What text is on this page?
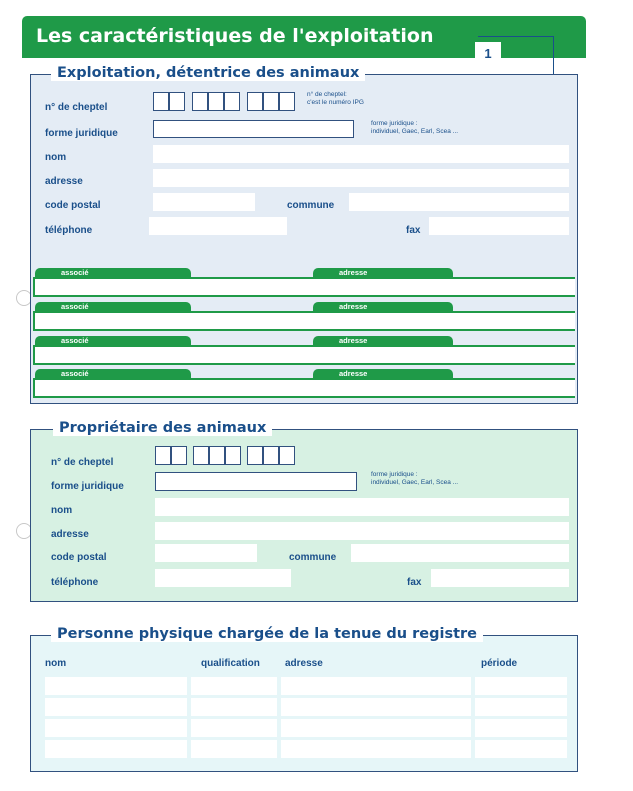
Les caractéristiques de l'exploitation
1
Exploitation, détentrice des animaux
n° de cheptel
n° de cheptel:
c'est le numéro IPG
forme juridique
forme juridique :
individuel, Gaec, Earl, Scea ...
nom
adresse
code postal	commune
téléphone	fax
associé	adresse
associé	adresse
associé	adresse
associé	adresse
Propriétaire des animaux
n° de cheptel
forme juridique
forme juridique :
individuel, Gaec, Earl, Scea ...
nom
adresse
code postal	commune
téléphone	fax
Personne physique chargée de la tenue du registre
nom	qualification	adresse	période
